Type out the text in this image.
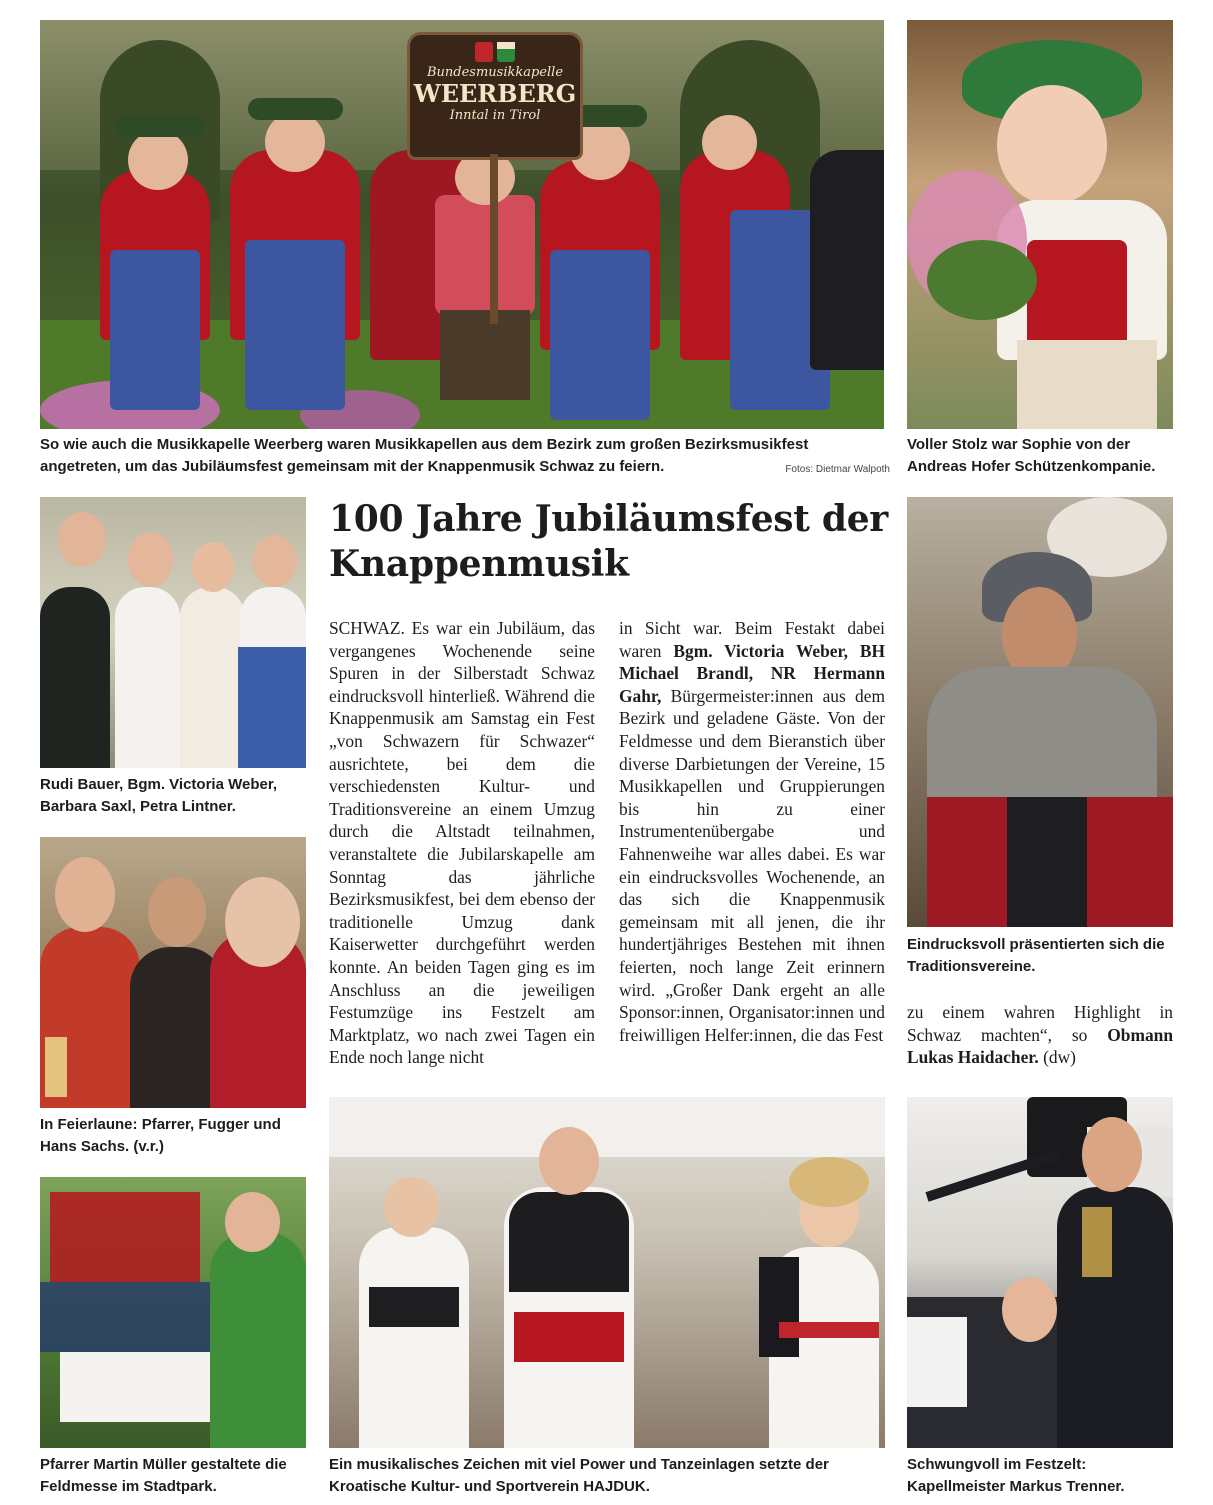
Bundesmusikkapelle
WEERBERG
Inntal in Tirol

So wie auch die Musikkapelle Weerberg waren Musikkapellen aus dem Bezirk zum großen Bezirksmusikfest angetreten, um das Jubiläumsfest gemeinsam mit der Knappenmusik Schwaz zu feiern.	Fotos: Dietmar Walpoth

Voller Stolz war Sophie von der Andreas Hofer Schützenkompanie.

Rudi Bauer, Bgm. Victoria Weber, Barbara Saxl, Petra Lintner.

In Feierlaune: Pfarrer, Fugger und Hans Sachs. (v.r.)

Pfarrer Martin Müller gestaltete die Feldmesse im Stadtpark.

100 Jahre Jubiläumsfest der Knappenmusik

SCHWAZ. Es war ein Jubiläum, das vergangenes Wochenende seine Spuren in der Silberstadt Schwaz eindrucksvoll hinterließ. Während die Knappenmusik am Samstag ein Fest „von Schwazern für Schwazer“ ausrichtete, bei dem die verschiedensten Kultur- und Traditionsvereine an einem Umzug durch die Altstadt teilnahmen, veranstaltete die Jubilarskapelle am Sonntag das jährliche Bezirksmusikfest, bei dem ebenso der traditionelle Umzug dank Kaiserwetter durchgeführt werden konnte. An beiden Tagen ging es im Anschluss an die jeweiligen Festumzüge ins Festzelt am Marktplatz, wo nach zwei Tagen ein Ende noch lange nicht

in Sicht war. Beim Festakt dabei waren Bgm. Victoria Weber, BH Michael Brandl, NR Hermann Gahr, Bürgermeister:innen aus dem Bezirk und geladene Gäste. Von der Feldmesse und dem Bieranstich über diverse Darbietungen der Vereine, 15 Musikkapellen und Gruppierungen bis hin zu einer Instrumentenübergabe und Fahnenweihe war alles dabei. Es war ein eindrucksvolles Wochenende, an das sich die Knappenmusik gemeinsam mit all jenen, die ihr hundertjähriges Bestehen mit ihnen feierten, noch lange Zeit erinnern wird. „Großer Dank ergeht an alle Sponsor:innen, Organisator:innen und freiwilligen Helfer:innen, die das Fest

Eindrucksvoll präsentierten sich die Traditionsvereine.

zu einem wahren Highlight in Schwaz machten“, so Obmann Lukas Haidacher. (dw)

Ein musikalisches Zeichen mit viel Power und Tanzeinlagen setzte der Kroatische Kultur- und Sportverein HAJDUK.

Schwungvoll im Festzelt: Kapellmeister Markus Trenner.
